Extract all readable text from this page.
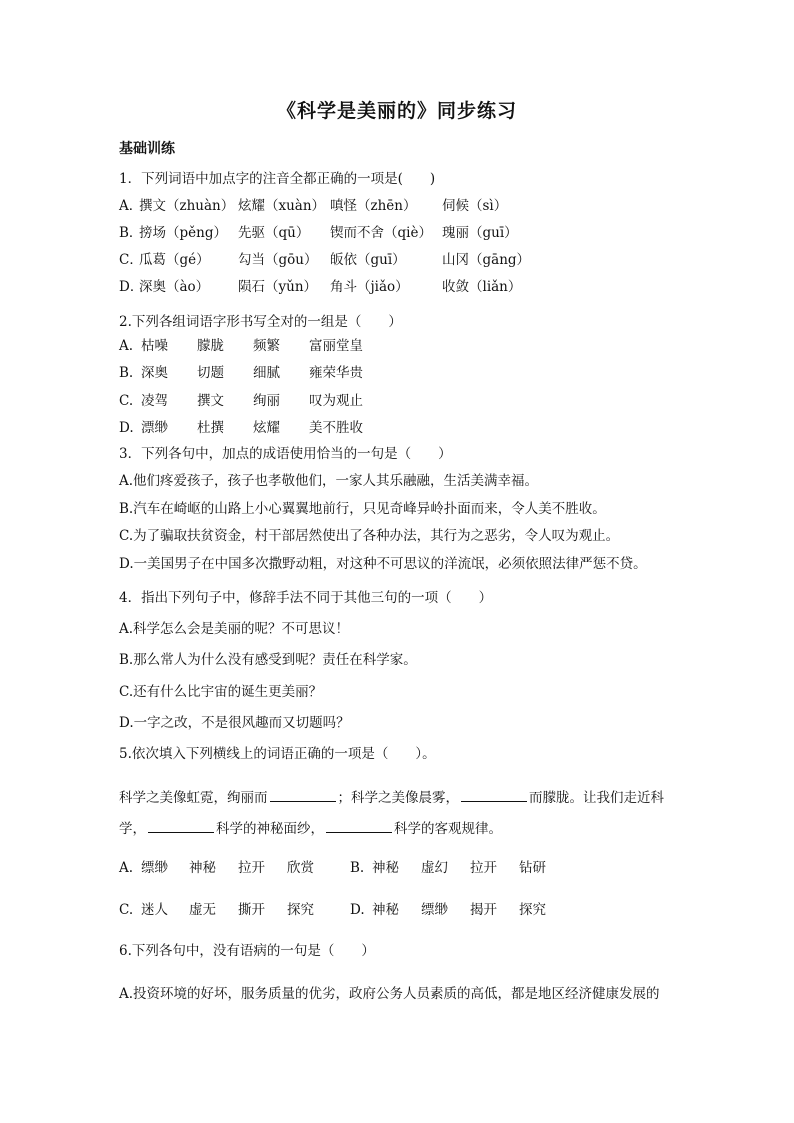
《科学是美丽的》同步练习
基础训练
1．下列词语中加点字的注音全都正确的一项是(　　)
A．
撰文（zhuàn） 炫耀（xuàn） 嗔怪（zhēn） 伺候（sì）
B．
搒场（pěng） 先驱（qū） 锲而不舍（qiè） 瑰丽（guī）
C．
瓜葛（gé） 勾当（gōu） 皈依（guī）	山冈（gāng）
D．
深奥（ào） 陨石（yǔn） 角斗（jiǎo） 收敛（liǎn）
2.下列各组词语字形书写全对的一组是（　　）
A. 枯噪 朦胧 频繁 富丽堂皇
B. 深奥 切题 细腻 雍荣华贵
C. 凌驾 撰文 绚丽 叹为观止
D. 漂缈 杜撰 炫耀 美不胜收
3．下列各句中，加点的成语使用恰当的一句是（　　）
A.他们疼爱孩子，孩子也孝敬他们，一家人其乐融融，生活美满幸福。
B.汽车在崎岖的山路上小心翼翼地前行，只见奇峰异岭扑面而来，令人美不胜收。
C.为了骗取扶贫资金，村干部居然使出了各种办法，其行为之恶劣，令人叹为观止。
D.一美国男子在中国多次撒野动粗，对这种不可思议的洋流氓，必须依照法律严惩不贷。
4．指出下列句子中，修辞手法不同于其他三句的一项（　　）
A.科学怎么会是美丽的呢？不可思议！
B.那么常人为什么没有感受到呢？责任在科学家。
C.还有什么比宇宙的诞生更美丽？
D.一字之改，不是很风趣而又切题吗？
5.依次填入下列横线上的词语正确的一项是（　　）。
科学之美像虹霓，绚丽而	；科学之美像晨雾，	而朦胧。让我们走近科
学，	科学的神秘面纱，	科学的客观规律。
A. 缥缈 神秘 拉开 欣赏	B. 神秘 虚幻 拉开 钻研
C. 迷人 虚无 撕开 探究	D. 神秘 缥缈 揭开 探究
6.下列各句中，没有语病的一句是（　　）
A.投资环境的好坏，服务质量的优劣，政府公务人员素质的高低，都是地区经济健康发展的
